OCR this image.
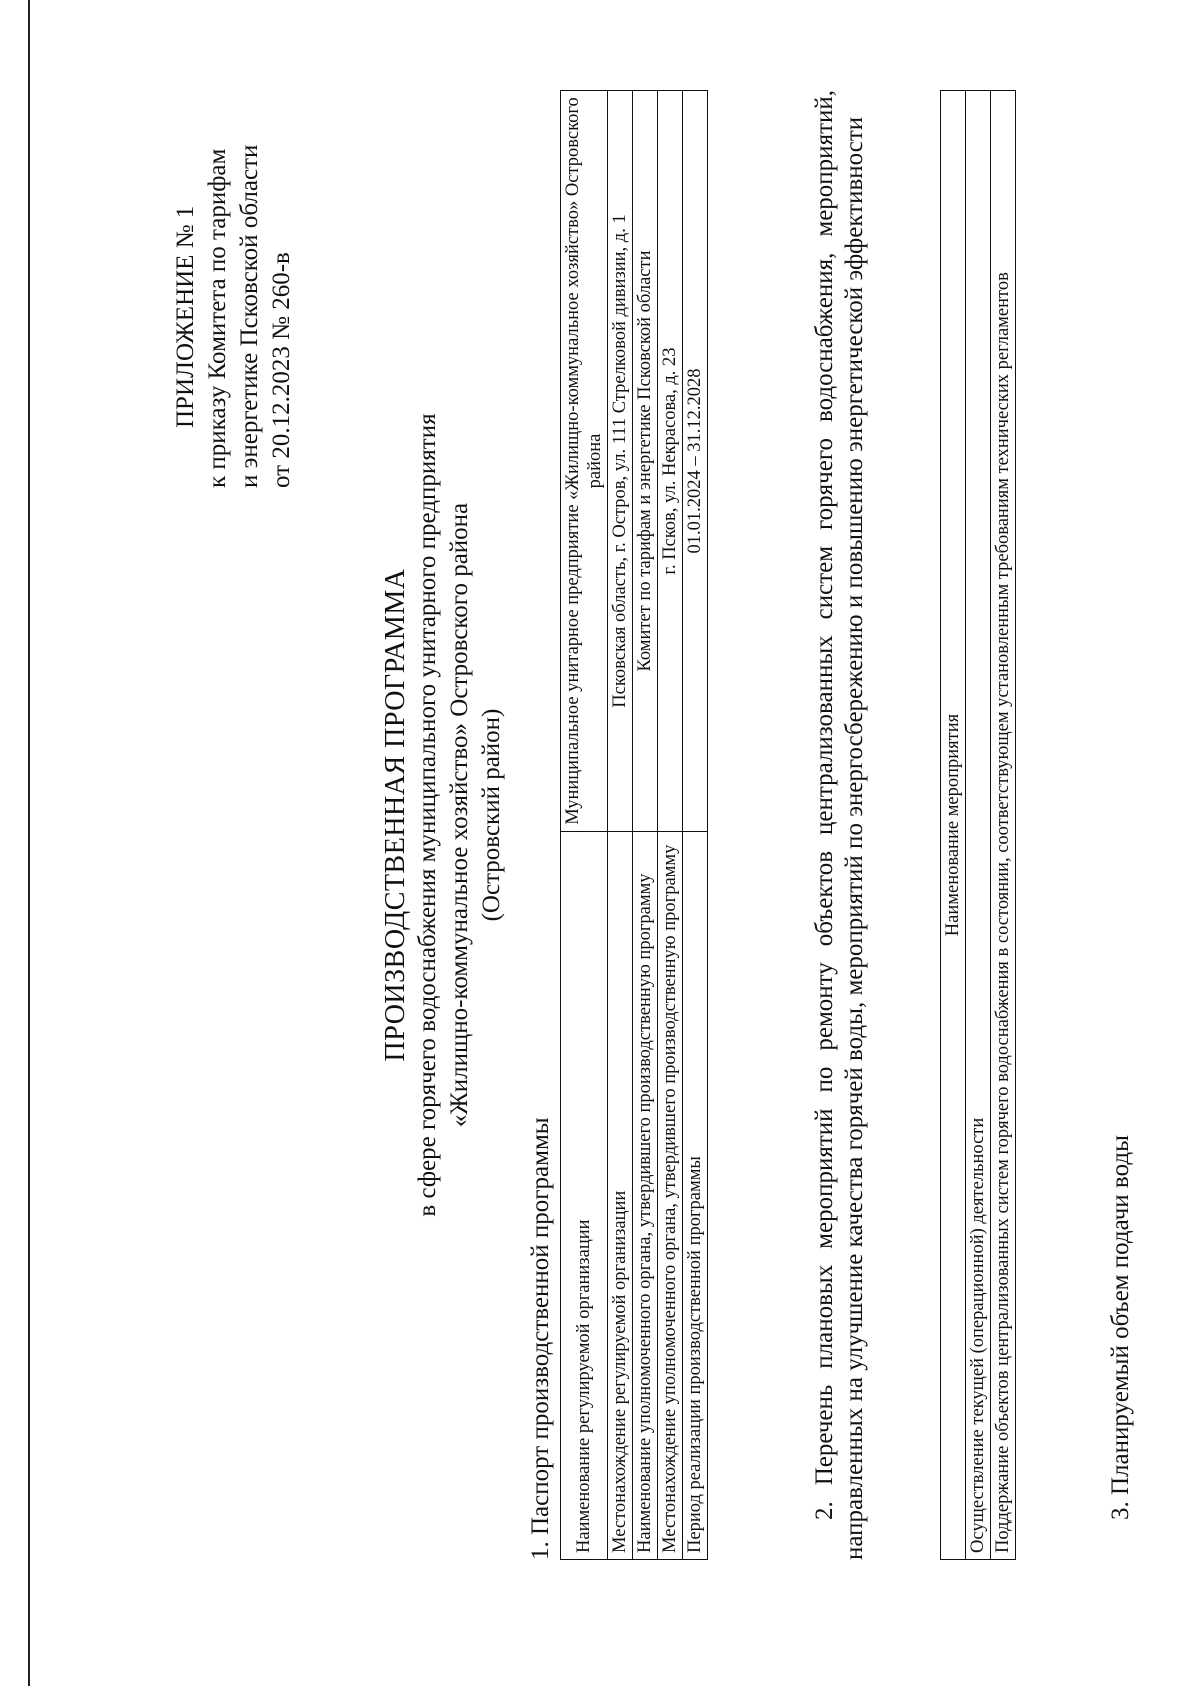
ПРИЛОЖЕНИЕ № 1 к приказу Комитета по тарифам и энергетике Псковской области от 20.12.2023 № 260-в
ПРОИЗВОДСТВЕННАЯ ПРОГРАММА в сфере горячего водоснабжения муниципального унитарного предприятия «Жилищно-коммунальное хозяйство» Островского района (Островский район)
1. Паспорт производственной программы Наименование регулируемой организации	Муниципальное унитарное предприятие «Жилищно-коммунальное хозяйство» Островского района
Местонахождение регулируемой организации	Псковская область, г. Остров, ул. 111 Стрелковой дивизии, д. 1
Наименование уполномоченного органа, утвердившего производственную программу	Комитет по тарифам и энергетике Псковской области
Местонахождение уполномоченного органа, утвердившего производственную программу	г. Псков, ул. Некрасова, д. 23
Период реализации производственной программы	01.01.2024 – 31.12.2028	2. Перечень плановых мероприятий по ремонту объектов централизованных систем горячего водоснабжения, мероприятий, направленных на улучшение качества горячей воды, мероприятий по энергосбережению и повышению энергетической эффективности	Наименование мероприятия
Осуществление текущей (операционной) деятельности
Поддержание объектов централизованных систем горячего водоснабжения в состоянии, соответствующем установленным требованиям технических регламентов	3. Планируемый объем подачи воды
